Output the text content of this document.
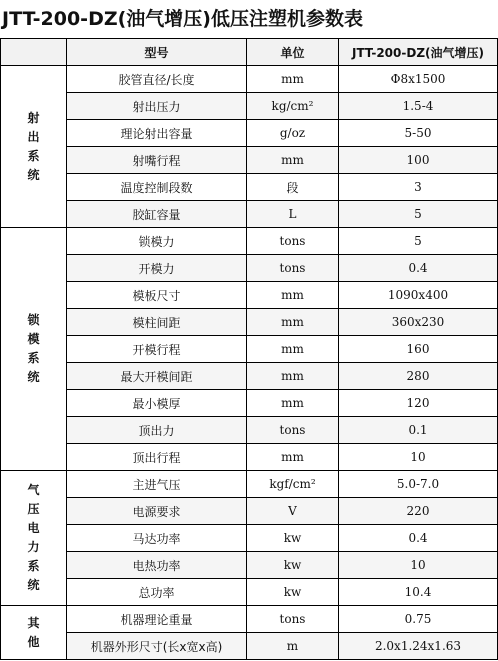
JTT-200-DZ(油气增压)低压注塑机参数表
	型号	单位	JTT-200-DZ(油气增压)
射出系统	胶管直径/长度	mm	Φ8x1500
	射出压力	kg/cm²	1.5-4
	理论射出容量	g/oz	5-50
	射嘴行程	mm	100
	温度控制段数	段	3
	胶缸容量	L	5
锁模系统	锁模力	tons	5
	开模力	tons	0.4
	模板尺寸	mm	1090x400
	模柱间距	mm	360x230
	开模行程	mm	160
	最大开模间距	mm	280
	最小模厚	mm	120
	顶出力	tons	0.1
	顶出行程	mm	10
气压电力系统	主进气压	kgf/cm²	5.0-7.0
	电源要求	V	220
	马达功率	kw	0.4
	电热功率	kw	10
	总功率	kw	10.4
其他	机器理论重量	tons	0.75
	机器外形尺寸(长x宽x高)	m	2.0x1.24x1.63
